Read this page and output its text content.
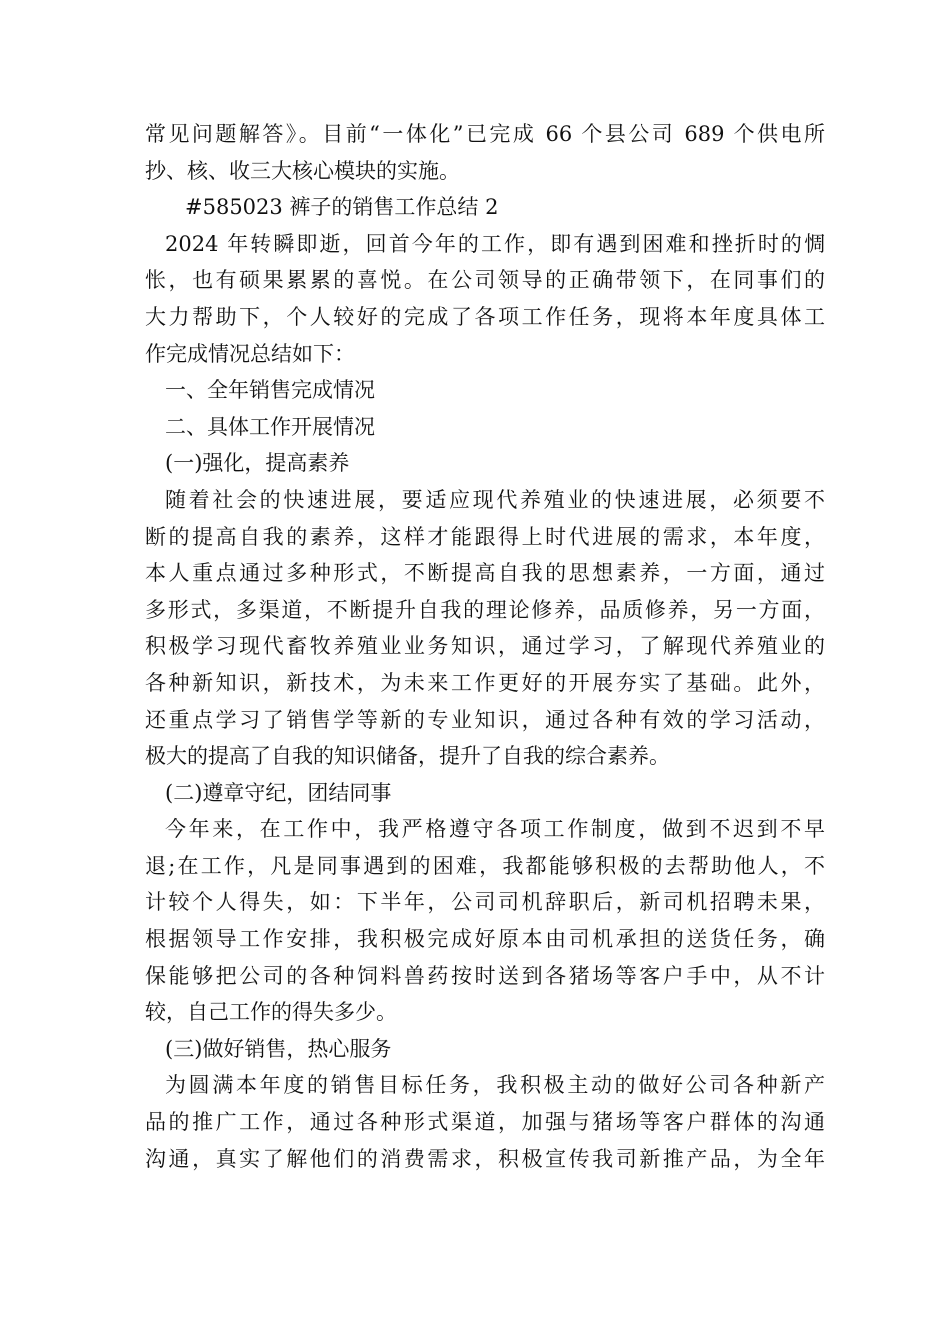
常见问题解答》。目前“一体化”已完成 66 个县公司 689 个供电所
抄、核、收三大核心模块的实施。
#585023 裤子的销售工作总结 2
2024 年转瞬即逝，回首今年的工作，即有遇到困难和挫折时的惆
怅，也有硕果累累的喜悦。在公司领导的正确带领下，在同事们的
大力帮助下，个人较好的完成了各项工作任务，现将本年度具体工
作完成情况总结如下：
一、全年销售完成情况
二、具体工作开展情况
(一)强化，提高素养
随着社会的快速进展，要适应现代养殖业的快速进展，必须要不
断的提高自我的素养，这样才能跟得上时代进展的需求，本年度，
本人重点通过多种形式，不断提高自我的思想素养，一方面，通过
多形式，多渠道，不断提升自我的理论修养，品质修养，另一方面，
积极学习现代畜牧养殖业业务知识，通过学习，了解现代养殖业的
各种新知识，新技术，为未来工作更好的开展夯实了基础。此外，
还重点学习了销售学等新的专业知识，通过各种有效的学习活动，
极大的提高了自我的知识储备，提升了自我的综合素养。
(二)遵章守纪，团结同事
今年来，在工作中，我严格遵守各项工作制度，做到不迟到不早
退;在工作，凡是同事遇到的困难，我都能够积极的去帮助他人，不
计较个人得失，如：下半年，公司司机辞职后，新司机招聘未果，
根据领导工作安排，我积极完成好原本由司机承担的送货任务，确
保能够把公司的各种饲料兽药按时送到各猪场等客户手中，从不计
较，自己工作的得失多少。
(三)做好销售，热心服务
为圆满本年度的销售目标任务，我积极主动的做好公司各种新产
品的推广工作，通过各种形式渠道，加强与猪场等客户群体的沟通
沟通，真实了解他们的消费需求，积极宣传我司新推产品，为全年
